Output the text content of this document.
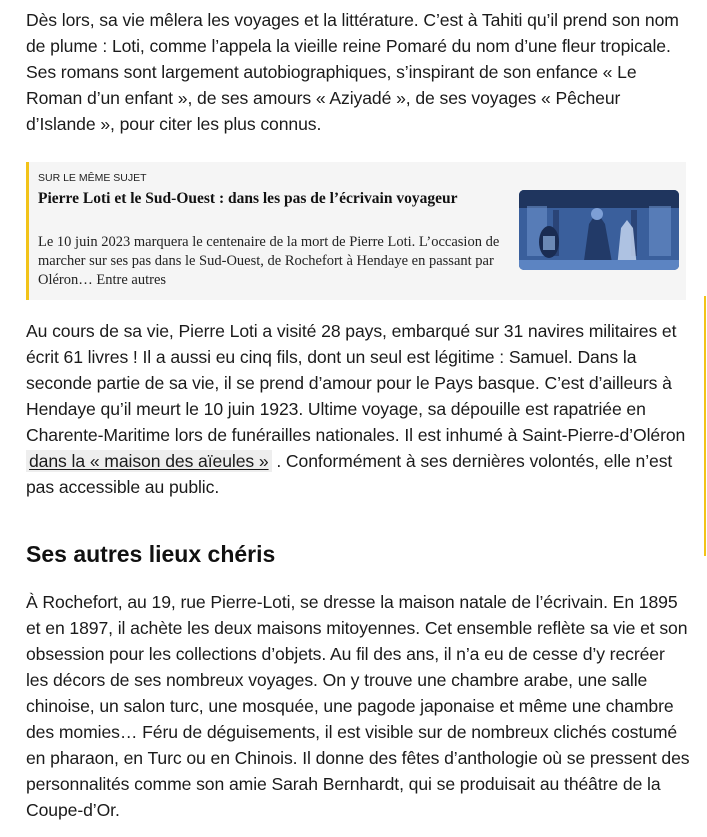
Dès lors, sa vie mêlera les voyages et la littérature. C’est à Tahiti qu’il prend son nom de plume : Loti, comme l’appela la vieille reine Pomaré du nom d’une fleur tropicale. Ses romans sont largement autobiographiques, s’inspirant de son enfance « Le Roman d’un enfant », de ses amours « Aziyadé », de ses voyages « Pêcheur d’Islande », pour citer les plus connus.

SUR LE MÊME SUJET
Pierre Loti et le Sud-Ouest : dans les pas de l’écrivain voyageur
Le 10 juin 2023 marquera le centenaire de la mort de Pierre Loti. L’occasion de marcher sur ses pas dans le Sud-Ouest, de Rochefort à Hendaye en passant par Oléron… Entre autres

Au cours de sa vie, Pierre Loti a visité 28 pays, embarqué sur 31 navires militaires et écrit 61 livres ! Il a aussi eu cinq fils, dont un seul est légitime : Samuel. Dans la seconde partie de sa vie, il se prend d’amour pour le Pays basque. C’est d’ailleurs à Hendaye qu’il meurt le 10 juin 1923. Ultime voyage, sa dépouille est rapatriée en Charente-Maritime lors de funérailles nationales. Il est inhumé à Saint-Pierre-d’Oléron dans la « maison des aïeules » . Conformément à ses dernières volontés, elle n’est pas accessible au public.

Ses autres lieux chéris

À Rochefort, au 19, rue Pierre-Loti, se dresse la maison natale de l’écrivain. En 1895 et en 1897, il achète les deux maisons mitoyennes. Cet ensemble reflète sa vie et son obsession pour les collections d’objets. Au fil des ans, il n’a eu de cesse d’y recréer les décors de ses nombreux voyages. On y trouve une chambre arabe, une salle chinoise, un salon turc, une mosquée, une pagode japonaise et même une chambre des momies… Féru de déguisements, il est visible sur de nombreux clichés costumé en pharaon, en Turc ou en Chinois. Il donne des fêtes d’anthologie où se pressent des personnalités comme son amie Sarah Bernhardt, qui se produisait au théâtre de la Coupe-d’Or.
